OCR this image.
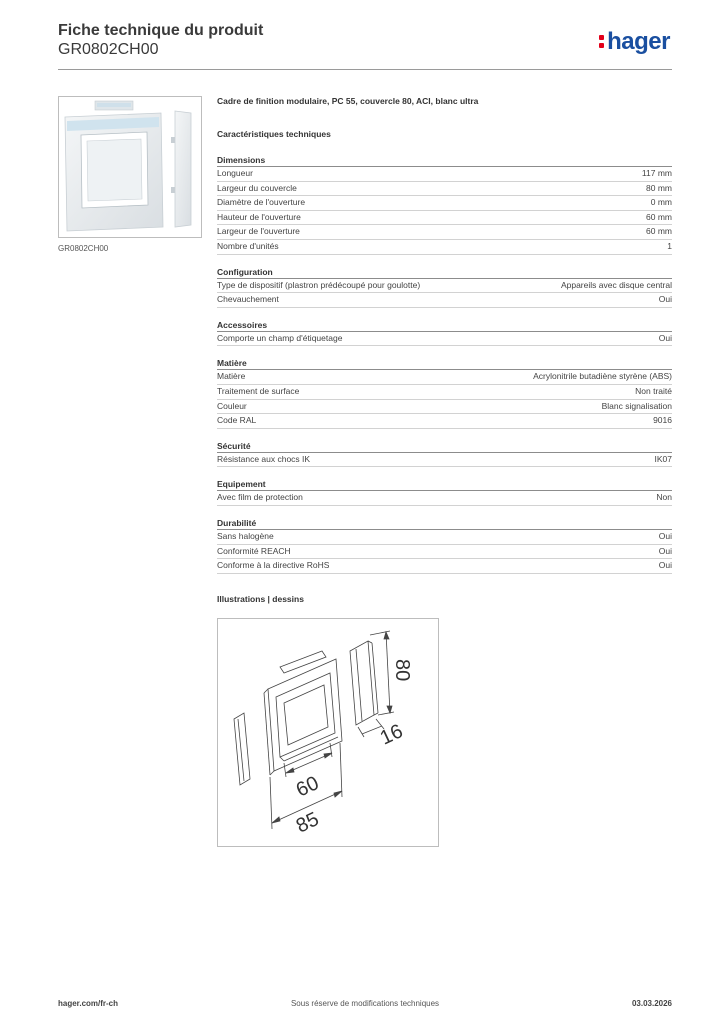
Fiche technique du produit
GR0802CH00	hager
GR0802CH00
Cadre de finition modulaire, PC 55, couvercle 80, ACI, blanc ultra
Caractéristiques techniques
Dimensions
Longueur	117 mm
Largeur du couvercle	80 mm
Diamètre de l'ouverture	0 mm
Hauteur de l'ouverture	60 mm
Largeur de l'ouverture	60 mm
Nombre d'unités	1
Configuration
Type de dispositif (plastron prédécoupé pour goulotte)	Appareils avec disque central
Chevauchement	Oui
Accessoires
Comporte un champ d'étiquetage	Oui
Matière
Matière	Acrylonitrile butadiène styrène (ABS)
Traitement de surface	Non traité
Couleur	Blanc signalisation
Code RAL	9016
Sécurité
Résistance aux chocs IK	IK07
Equipement
Avec film de protection	Non
Durabilité
Sans halogène	Oui
Conformité REACH	Oui
Conforme à la directive RoHS	Oui
Illustrations | dessins
80
16
60
85
hager.com/fr-ch	Sous réserve de modifications techniques	03.03.2026
